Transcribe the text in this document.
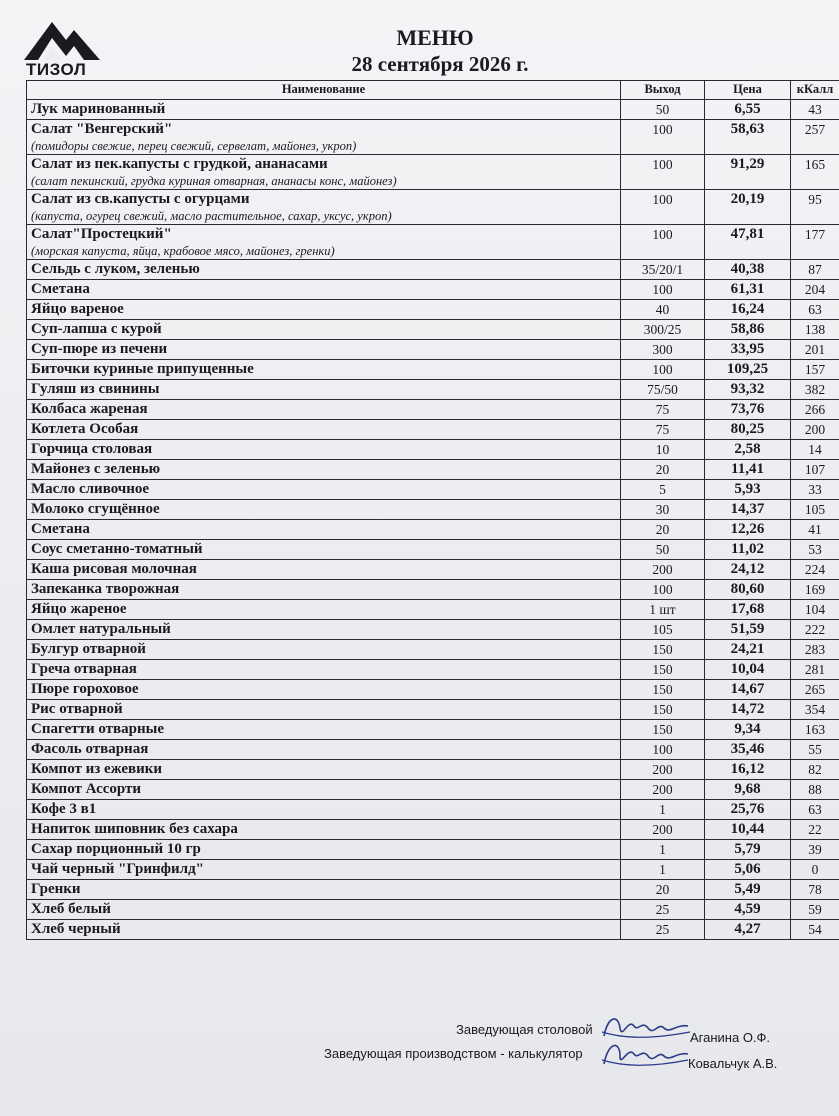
ТИЗОЛ
МЕНЮ
28 сентября 2026 г.
Наименование	Выход	Цена	кКалл
Лук маринованный	50	6,55	43
Салат "Венгерский"
(помидоры свежие, перец свежий, сервелат, майонез, укроп)	100	58,63	257
Салат из пек.капусты с грудкой, ананасами
(салат пекинский, грудка куриная отварная, ананасы конс, майонез)	100	91,29	165
Салат из св.капусты с огурцами
(капуста, огурец свежий, масло растительное, сахар, уксус, укроп)	100	20,19	95
Салат"Простецкий"
(морская капуста, яйца, крабовое мясо, майонез, гренки)	100	47,81	177
Сельдь с луком, зеленью	35/20/1	40,38	87
Сметана	100	61,31	204
Яйцо вареное	40	16,24	63
Суп-лапша с курой	300/25	58,86	138
Суп-пюре из печени	300	33,95	201
Биточки куриные припущенные	100	109,25	157
Гуляш из свинины	75/50	93,32	382
Колбаса жареная	75	73,76	266
Котлета Особая	75	80,25	200
Горчица столовая	10	2,58	14
Майонез с зеленью	20	11,41	107
Масло сливочное	5	5,93	33
Молоко сгущённое	30	14,37	105
Сметана	20	12,26	41
Соус сметанно-томатный	50	11,02	53
Каша рисовая молочная	200	24,12	224
Запеканка творожная	100	80,60	169
Яйцо жареное	1 шт	17,68	104
Омлет натуральный	105	51,59	222
Булгур отварной	150	24,21	283
Греча отварная	150	10,04	281
Пюре гороховое	150	14,67	265
Рис отварной	150	14,72	354
Спагетти отварные	150	9,34	163
Фасоль отварная	100	35,46	55
Компот из ежевики	200	16,12	82
Компот Ассорти	200	9,68	88
Кофе 3 в1	1	25,76	63
Напиток шиповник без сахара	200	10,44	22
Сахар порционный 10 гр	1	5,79	39
Чай черный "Гринфилд"	1	5,06	0
Гренки	20	5,49	78
Хлеб белый	25	4,59	59
Хлеб черный	25	4,27	54
Заведующая столовой
Аганина О.Ф.
Заведующая производством - калькулятор
Ковальчук А.В.
